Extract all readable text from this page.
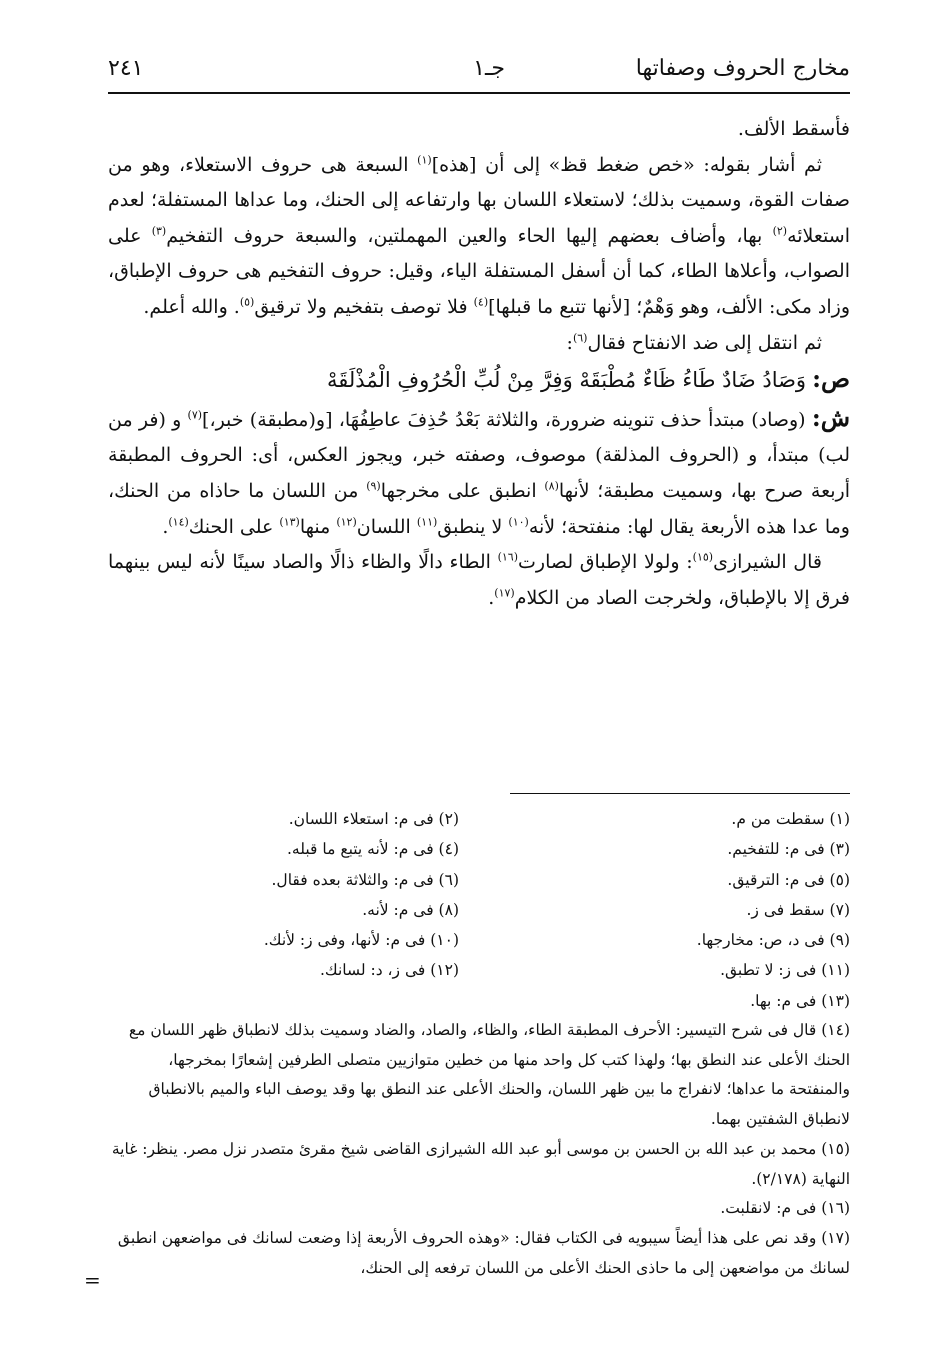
مخارج الحروف وصفاتها
جـ١
٢٤١

فأسقط الألف.

ثم أشار بقوله: «خص ضغط قظ» إلى أن [هذه]$^{(١)}$ السبعة هى حروف الاستعلاء، وهو من صفات القوة، وسميت بذلك؛ لاستعلاء اللسان بها وارتفاعه إلى الحنك، وما عداها المستفلة؛ لعدم استعلائه$^{(٢)}$ بها، وأضاف بعضهم إليها الحاء والعين المهملتين، والسبعة حروف التفخيم$^{(٣)}$ على الصواب، وأعلاها الطاء، كما أن أسفل المستفلة الياء، وقيل: حروف التفخيم هى حروف الإطباق، وزاد مكى: الألف، وهو وَهْمٌ؛ [لأنها تتبع ما قبلها]$^{(٤)}$ فلا توصف بتفخيم ولا ترقيق$^{(٥)}$. والله أعلم.

ثم انتقل إلى ضد الانفتاح فقال$^{(٦)}$:

ص: وَصَادُ ضَادٌ طَاءُ ظَاءٌ مُطْبَقَهْ وَفِرَّ مِنْ لُبِّ الْحُرُوفِ الْمُذْلَقَهْ

ش: (وصاد) مبتدأ حذف تنوينه ضرورة، والثلاثة بَعْدُ حُذِفَ عاطِفُهَا، [و(مطبقة) خبر،]$^{(٧)}$ و (فر من لب) مبتدأ، و (الحروف المذلقة) موصوف، وصفته خبر، ويجوز العكس، أى: الحروف المطبقة أربعة صرح بها، وسميت مطبقة؛ لأنها$^{(٨)}$ انطبق على مخرجها$^{(٩)}$ من اللسان ما حاذاه من الحنك، وما عدا هذه الأربعة يقال لها: منفتحة؛ لأنه$^{(١٠)}$ لا ينطبق$^{(١١)}$ اللسان$^{(١٢)}$ منها$^{(١٣)}$ على الحنك$^{(١٤)}$.

قال الشيرازى$^{(١٥)}$: ولولا الإطباق لصارت$^{(١٦)}$ الطاء دالًا والظاء ذالًا والصاد سينًا لأنه ليس بينهما فرق إلا بالإطباق، ولخرجت الصاد من الكلام$^{(١٧)}$.

(١) سقطت من م.
(٢) فى م: استعلاء اللسان.
(٣) فى م: للتفخيم.
(٤) فى م: لأنه يتبع ما قبله.
(٥) فى م: الترقيق.
(٦) فى م: والثلاثة بعده فقال.
(٧) سقط فى ز.
(٨) فى م: لأنه.
(٩) فى د، ص: مخارجها.
(١٠) فى م: لأنها، وفى ز: لأنك.
(١١) فى ز: لا تطبق.
(١٢) فى ز، د: لسانك.
(١٣) فى م: بها.
(١٤) قال فى شرح التيسير: الأحرف المطبقة الطاء، والظاء، والصاد، والضاد وسميت بذلك لانطباق ظهر اللسان مع الحنك الأعلى عند النطق بها؛ ولهذا كتب كل واحد منها من خطين متوازيين متصلى الطرفين إشعارًا بمخرجها، والمنفتحة ما عداها؛ لانفراج ما بين ظهر اللسان، والحنك الأعلى عند النطق بها وقد يوصف الباء والميم بالانطباق لانطباق الشفتين بهما.
(١٥) محمد بن عبد الله بن الحسن بن موسى أبو عبد الله الشيرازى القاضى شيخ مقرئ متصدر نزل مصر. ينظر: غاية النهاية (٢/١٧٨).
(١٦) فى م: لانقلبت.
(١٧) وقد نص على هذا أيضاً سيبويه فى الكتاب فقال: «وهذه الحروف الأربعة إذا وضعت لسانك فى مواضعهن انطبق لسانك من مواضعهن إلى ما حاذى الحنك الأعلى من اللسان ترفعه إلى الحنك،
=
